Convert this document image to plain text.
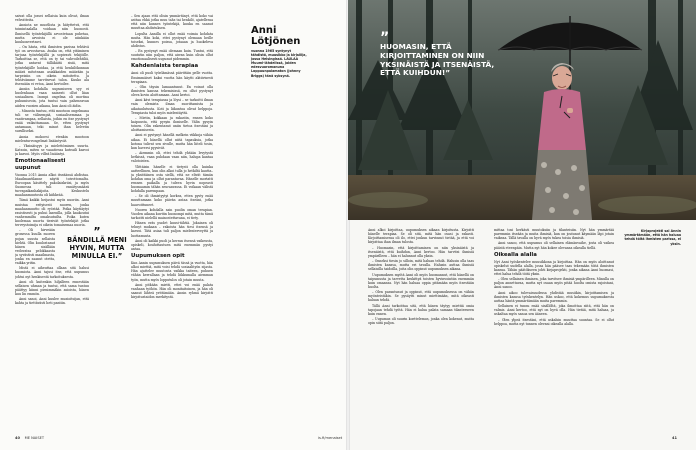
saivat olla jossei sellaisia kuin olivat, ilman velvoitteita.

Anniota ne muotlista ja hätyttetvä, että toimintaalalla voidaan niin huonosti. Ihmisellä työntekijällä arvostetaan puhetaa, mutta arvoista ei ole niinkään kuuluonvertasvi.

– On hästa, että ihmisten parissa tehtävä työ on arvostavaa. Avaka on, että yitäminen tarjoaa työntekijällä ja sopivasti tekijöille. Tarkoittaa se, että on ty tai vahvoilehtiliä, jotka antavat tälläkäitä sisiä, mitä työntekijälle hoidaa, ja että henkilökunnan määrä mitoteaan asiakkaiden määrään ja tarpeisiin on oikein mitoitettu. Ja tehtävämme tarvitsevat tulon. Kuuko ala itsessään ei vetoa, Anni kertoilee.

Anniin kohdalla uupumiseen syy ei huolenhaan vaan nainesti ollut liian sosiaalinen. Isompi ongelma oli mortina puhumisvoin, jota tuntui vain paheneavan aiiden vuosien aikana, kun Anni oli äidin.

– Minusta tuntuu, että muotoon ongelmana tuli se välisempiä, sosiaalisemmaa ja vaativampaa, sellaista, joihin en itse pystynyt enää vaikuttamaan. Se, etten pystynyt antamaan, teki minut ihan helvetin surulliseksi.

Annia mokoesi etenkin muotoon mielenturvongelmat lisääntyvät.

– Yksinäisyys ja mielettöminen suurta. Katsoin, miten se vaaatiessa kuteaili kasvoi ja kasvoi. Myös villeä lisääntyi.

Emotionaalisesti uupunut

Vuonna 2015 Annia alkoi itseäänsä ahdistaa. Maailmantilanne näytti toivottomalta. Euroopan käsittely pakolaiskriisi, ja myös Suomessa tuli ennätysmäärä turvapaikanhakijoita. Keskustelu maahanmuutosta oli kiihkeää.

Tämä kaikki heijastui myös nuoriin. Anni muistaa erityisesti nuoren, jonka maahanmuutto oli ryöstää. Poika käytiäytyi rasistisesti ja puhui lasenilla, jolla kaukoutui vanhemmilta omaksutuilta. Poika kuten kuolemaa nuorta tiesivät työntekijät jotka terveystoimija ei oikein tomaisemaa nuoria.

– Oli hirveään gronessa kuulla nuoren pojan suusta sellaista hiehtä. Olin kuulostanut hänen sisällään vedovatsa pelokkaasta ja syvästisti maailmasta, jonka en saanut otetta, vaikka yritin.

Mistä ei aiheuttaa ollaan sitä halusi huomiota. Anni tajusi itse, että uupumus johtui nyt henkisestä tarkoituksesta.

Anni oli kuitenkin hiljalleen ennestään sellaisen uhman ja tuntui, että sama tuntuu päättyy kiinni pienimmäkin asioista, hänen kuu lin emmön.

Anni sanoi, Anni kuulee musioitsijan, että kahta ja tiettävästi heti pantiin.

”
BÄNDILLÄ MENI HYVIN, MUTTA MINULLA EI.”

– Sen ajaan että olisin ymmärtänyt, että koko vai asttaa ehkä jotka muu tahs tai henkilö, ajatellessa että niin kunnes työntekijä, kuuka en saanut muuttaa ahdistuksen.

Lopulta Annilla ei ollut enää voimia kohdata muita. Hän koki, ettei pystynyt olemaan heille toiseksi, kunnes poissa, jotaaan ja huokeleva ahdistus.

– En pystynyt enää olemaan kuin. Tuntui, että suututin niin paljon, että aiwan kuin olisin ollut emotionaalisesti uupunut pidemmin.

Kahdenlaista terapiaa

Anni oli puoli työelämässä päivittäin pelle vuotta. Ensimmäiset kaksi vuotta hän käytti aktiivisesti terapiaan.

– Olin täysin lamaantunut. En voinut olla ihmisten kanssa tekemisissä, en ollut pystynyt oleva kovin aloittamaan. Anni kertoi.

Anni kävi terapiassa ja löysi – se tarkoitti ilman vain olemista ilman suorittamista ja aikataulutusta. Koti ja liikuntoa olivat helppoja. Terapiasta tuloi myös mielentäyttä.

– Mietin, kokkaan ja rakastin, ennen koko kaipuusta, että pysyin ihmiselle. Välin pysyin toinen. Olin rakentanut uniin tietoa itsestäni ja aloittamisesta.

Anni ei pystynyt hänellä melkein viikkoja vähän aikaa. Ei hänellä ollut niitä tapauksia, jotka kotona tulivat sen sivulle, mutta hän liiteli tosin, kun haversi pyysivät.

– Aiemmin oli, ettei tehdä yhtään levytystä hetkissä, vaan puhdaan vaan niin, halupa kantaa valotoisten.

Ylittäisin hänelle ei tietysti olla kuinka aatteellinen, kun olin alkoi tulla jo hetkiltä kautta– ja yksittäinen osta siellä, että ne elivät tämän kohdan oma ja ollut parantavaa. Hänelle mortatti rennen paikalla ja tuleen hyvin nopeasti huomaamin tähän seuraavassa. Ei voikaan välistä kohdalla parempaan.

– Se oli ihmistyytyi korkea, etten pysty enää muuttamaan koko päivän antaa itseäni, jotka haavoittuneet.

Nuoren kohdalla sain puolin oman terapian. Vuoden aikana kuvitin huonompi mitä, mutta tämä tarkoitti nielellä mainostettavana, ei tiety.

Hänen eräs puolet kuusi-tähtiä. Jokainen oli tehnyt mukaan – rakoista hän tiesi itsensä ja kasvoi. Tätä asiaa tuli paljon mielenterveyttä ja luottamusta.

Anni oli kaikki puoli ja kerran itsensä vaikeusta, opiskeli, kouluttautuen mitä enemmän pystyi antaa.

Uupumuksen opit

Kun Annin uupumuksen päivä tässä ja vuotta, hän alkoi miettiä, mitä voisi tehdä sosiaalityön sijasta. Hän ajattelee muutosta vaikka taiteen, puhuen vähän kerrallaan ja tehdä liikkumalla aiemman työn, mutta myös lopputulos oli jotain muuta.

Anni pitkään mietti, ettei voi enää palata vanhaan työhön. Hän oli monitaitoinen, ja hän oli saanut lähteä yrittämään. Annin ryhmä kirjoitti kirjoitustaidon merkitystä.

Anni
Lötjönen
vuonna 1965 syntynyt tähdistö, muusikko ja kirjailija, jossa Helsingissä. LAULAA Muumi-lähdelissä, joiden edesvuoromanuna Loppuunpalamaton (Johnny Briggs) tänä syksynä.
”
HUOMASIN, ETTÄ KIRJOITTAMINEN ON NIIN YKSINÄISTÄ JA ITSENÄISTÄ, ETTÄ KUIHDUN!”

Anni alkoi kirjoittaa, uupumuksen aikaan kirjoitusta. Kirjoitti hänelle terapiaa. Se oli sitä, mitä hän osasi ja rakasti. Kirjoittamisessa oli ilo, ettei jonkun tarvinnut tietää, ja että voi kirjoittaa ihan ilman tulosta.

– Huomasin, että kirjoittaminen on niin yksinäistä ja itsenäistä, että kuihdun, Anni kertoo. Hän tarvitsi ihmisiä ympärilleen – hän ei halunnut olla yksin.

– Onneksi tiesin jo silloin, mitä haluan tehdä. Halusin olla taas ihmisten kanssa, mutta eri tavalla. Halusin auttaa ihmisiä sellaisilla taidoilla, joita olin oppinut uupumuksen aikana.

Uupumuksen myötä Anni oli myös huomannut, että hänellä on taipumusta ja tarvetta keskittyä toisten hyvinvointiin enemmän kuin omaansa. Nyt hän haluaa oppia pitämään myös itsestään huolta.

– Olen parantunut ja oppinut, että uupumuksessa on vähän myönteistäkin. Se pysäytti minut miettimään, mitä oikeasti haluan tehdä.

Tällä Anni tarkoittaa sitä, että hänen täytyy miettiä omia tapojaan tehdä työtä. Hän ei halua palata samaan tilanteeseen kuin ennen.

– Uupumus oli suurin koettelemus, jonka olen kokenut, mutta opin siitä paljon.

mittaa tosi herkästi muutoksiin ja tilanteisiin. Nyt hän ymmärtää paremmin itseään ja muita ihmisiä, kun on joutunut käymään läpi jotain vaikeaa. Tällä tavalla on hyvä myös tukea toisia ihmisiä.

Anni sanoo, että uupumus oli sellainen elämänvaihe, josta oli vaikea päästä eteenpäin. Mutta nyt hän kokee olevansa oikealla tiellä.

Oikealla alalla

Nyt Anni työskentelee muusikkona ja kirjoittaa. Hän on myös aloittanut opiskelut uudella alalla, jossa hän pääsee taas tekemään töitä ihmisten kanssa. Tähän päätökseen johti kirjaprojekti, jonka aikana Anni huomasi, ettei halua tehdä töitä yksin.

– Olen sellainen ihminen, joka tarvitsee ihmisiä ympärilleen. Minulla on paljon annettavaa, mutta nyt osaan myös pitää huolta omista rajoistani, Anni sanoo.

Anni aikoo tulevaisuudessa yhdistää musiikin, kirjoittamisen ja ihmisten kanssa työskentelyn. Hän uskoo, että kokemus uupumuksesta auttaa häntä ymmärtämään muita paremmin.

Sellainen ei tunnu enää sisällöltä, joka ilmoittaa siitä, että hän on valmis. Anni kertoo, että nyt on hyvä olla. Hän tietää, mitä haluaa, ja uskaltaa myös sanoa sen ääneen.

– Olen ylpeä itsestäni, että uskalsin muuttaa suuntaa. Se ei ollut helppoa, mutta nyt tunnen olevani oikealla alalla.

Kirjaprojekti sai Annin ymmärtämään, että hän haluaa tehdä töitä ihmisten parissa, ei yksin.
40 ME NAISET	is.fi/menaiset	41
